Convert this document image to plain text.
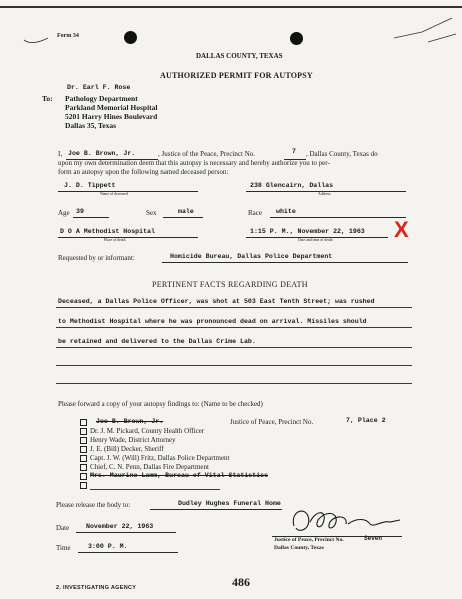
Form 34
DALLAS COUNTY, TEXAS
AUTHORIZED PERMIT FOR AUTOPSY
Dr. Earl F. Rose
To: Pathology Department
Parkland Memorial Hospital
5201 Harry Hines Boulevard
Dallas 35, Texas
I, Joe B. Brown, Jr.	, Justice of the Peace, Precinct No.	7 , Dallas County, Texas do
upon my own determination deem that this autopsy is necessary and hereby authorize you to per-
form an autopsy upon the following named deceased person:
J. D. Tippett
Name of deceased
238 Glencairn, Dallas
Address
Age 39	Sex	male	Race white
D O A Methodist Hospital
Place of death
1:15 P. M., November 22, 1963
Date and time of death	X
Requested by or informant:	Homicide Bureau, Dallas Police Department
PERTINENT FACTS REGARDING DEATH
Deceased, a Dallas Police Officer, was shot at 503 East Tenth Street; was rushed
to Methodist Hospital where he was pronounced dead on arrival. Missiles should
be retained and delivered to the Dallas Crime Lab.
Please forward a copy of your autopsy findings to: (Name to be checked)
Joe B. Brown, Jr.	Justice of Peace, Precinct No.	7, Place 2
Dr. J. M. Pickard, County Health Officer
Henry Wade, District Attorney
J. E. (Bill) Decker, Sheriff
Capt. J. W. (Will) Fritz, Dallas Police Department
Chief, C. N. Penn, Dallas Fire Department
Mrs. Maurine Lamm, Bureau of Vital Statistics
Please release the body to:	Dudley Hughes Funeral Home
Date	November 22, 1963
Time	3:00 P. M.
Justice of Peace, Precinct No.	Seven
Dallas County, Texas
2. INVESTIGATING AGENCY	486
